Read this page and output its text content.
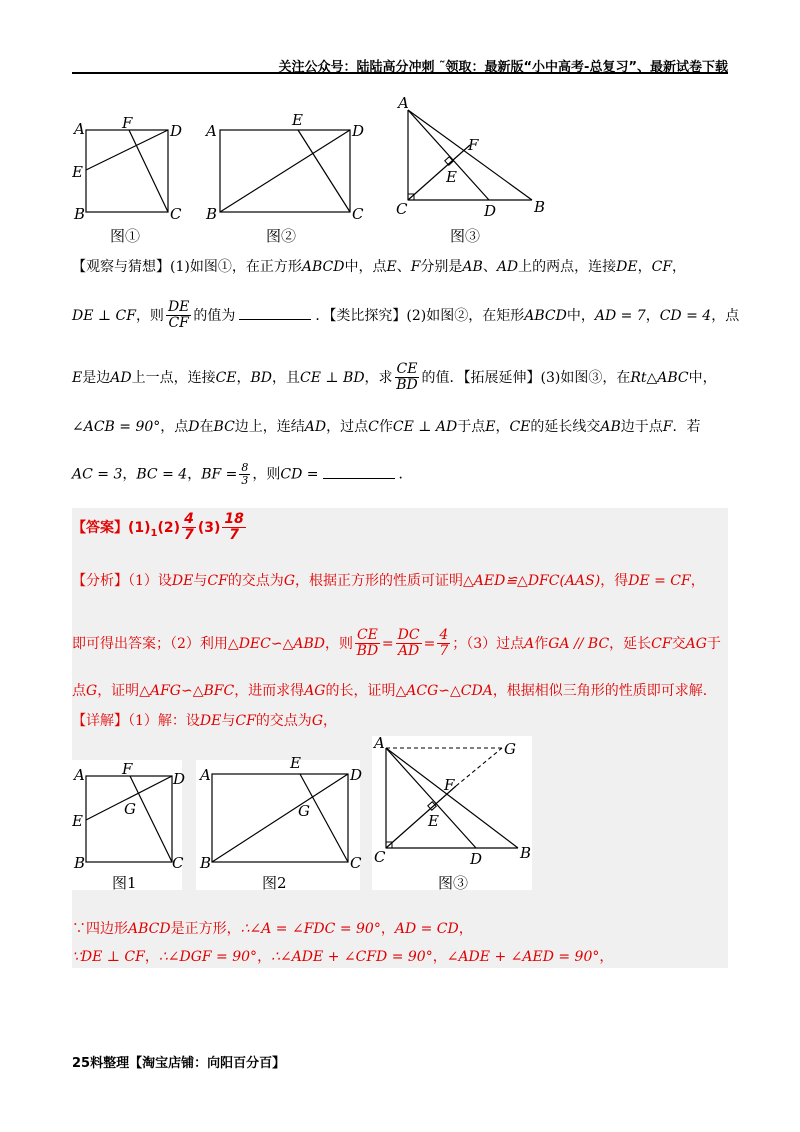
关注公众号：陆陆高分冲刺 ˜领取：最新版“小中高考-总复习”、最新试卷下载
A F	D
E
B	C
图①
A
E
D
B	C
图②
A
F
E
C	D	B
图③
【观察与猜想】(1)如图①，在正方形ABCD中，点E、F分别是AB、AD上的两点，连接DE，CF，
DE ⊥ CF，则 $\frac{DE}{CF}$ 的值为	．【类比探究】(2)如图②，在矩形ABCD中，AD = 7，CD = 4，点
E是边AD上一点，连接CE，BD，且CE ⊥ BD，求 $\frac{CE}{BD}$ 的值．【拓展延伸】(3)如图③，在Rt△ABC中，
∠ACB = 90°，点D在BC边上，连结AD，过点C作CE ⊥ AD于点E，CE的延长线交AB边于点F．若
AC = 3，BC = 4，BF = $\frac{8}{3}$ ，则CD =	．
【答案】$(1)_1(2) \frac{4}{7} (3) \frac{18}{7}$
【分析】（1）设DE与CF的交点为G，根据正方形的性质可证明△AED≌△DFC(AAS)，得DE = CF，
即可得出答案；（2）利用△DEC∽△ABD，则 $\frac{CE}{BD} = \frac{DC}{AD} = \frac{4}{7}$ ；（3）过点A作GA // BC，延长CF交AG于
点G，证明△AFG∽△BFC，进而求得AG的长，证明△ACG∽△CDA，根据相似三角形的性质即可求解．
【详解】（1）解：设DE与CF的交点为G，
A F
D
G
E
B	C
图1
A
E
D
G
B	C
图2
A	G
F
E
C	D	B
图③
∵四边形ABCD是正方形，∴∠A = ∠FDC = 90°，AD = CD，
∵DE ⊥ CF，∴∠DGF = 90°，∴∠ADE + ∠CFD = 90°，∠ADE + ∠AED = 90°，
25料整理【淘宝店铺：向阳百分百】
